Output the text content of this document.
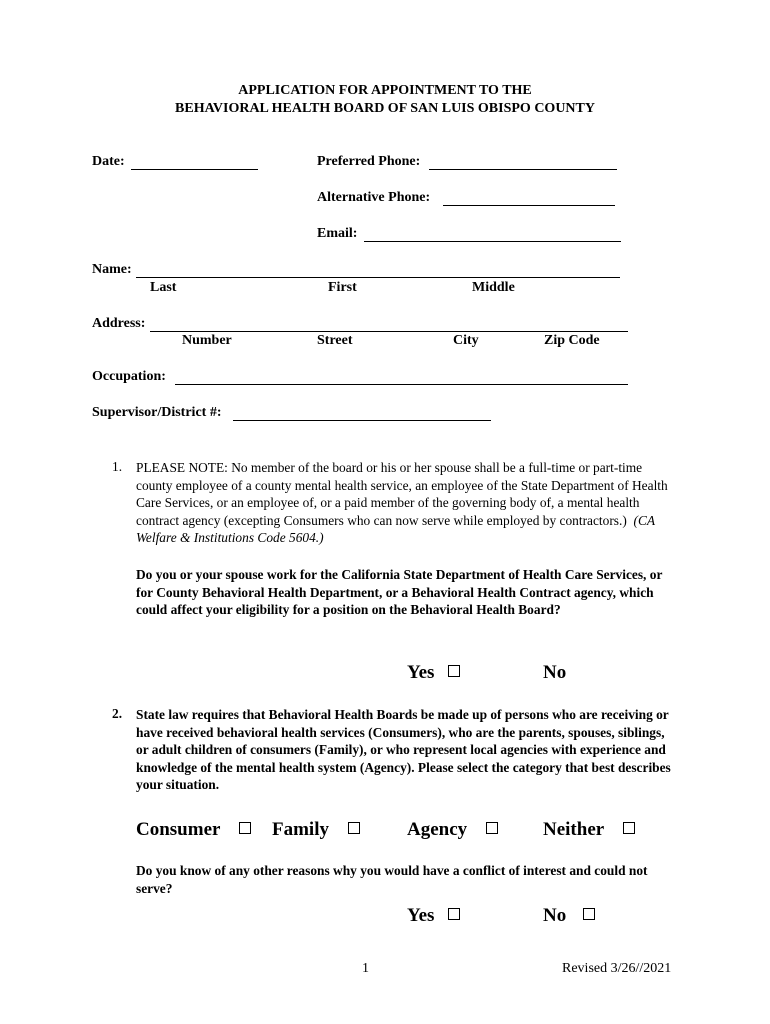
APPLICATION FOR APPOINTMENT TO THE
BEHAVIORAL HEALTH BOARD OF SAN LUIS OBISPO COUNTY
Date:	Preferred Phone:
Alternative Phone:
Email:
Name:
Last	First	Middle
Address:
Number	Street	City	Zip Code
Occupation:
Supervisor/District #:
1. PLEASE NOTE: No member of the board or his or her spouse shall be a full-time or part-time county employee of a county mental health service, an employee of the State Department of Health Care Services, or an employee of, or a paid member of the governing body of, a mental health contract agency (excepting Consumers who can now serve while employed by contractors.) (CA Welfare & Institutions Code 5604.)
Do you or your spouse work for the California State Department of Health Care Services, or for County Behavioral Health Department, or a Behavioral Health Contract agency, which could affect your eligibility for a position on the Behavioral Health Board?
Yes	No
2. State law requires that Behavioral Health Boards be made up of persons who are receiving or have received behavioral health services (Consumers), who are the parents, spouses, siblings, or adult children of consumers (Family), or who represent local agencies with experience and knowledge of the mental health system (Agency). Please select the category that best describes your situation.
Consumer	Family	Agency	Neither
Do you know of any other reasons why you would have a conflict of interest and could not serve?
Yes	No
1	Revised 3/26//2021
